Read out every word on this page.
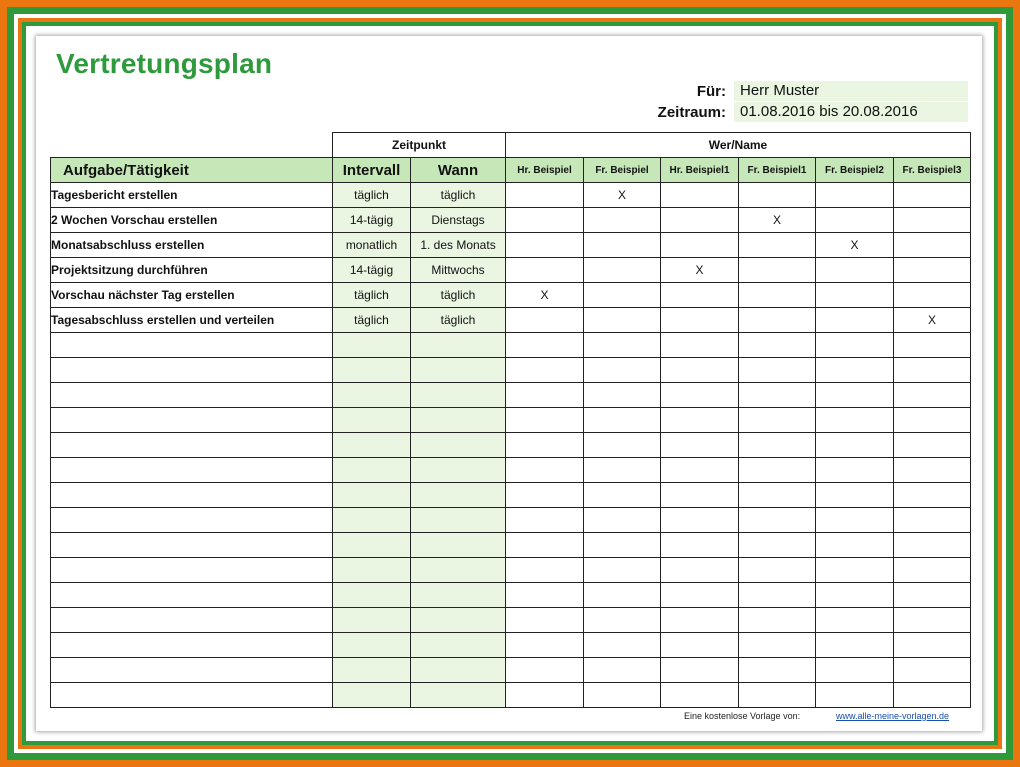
Vertretungsplan
Für: Herr Muster
Zeitraum: 01.08.2016 bis 20.08.2016
	Zeitpunkt		Wer/Name					
Aufgabe/Tätigkeit	Intervall	Wann	Hr. Beispiel	Fr. Beispiel	Hr. Beispiel1	Fr. Beispiel1	Fr. Beispiel2	Fr. Beispiel3
Tagesbericht erstellen	täglich	täglich		X				
2 Wochen Vorschau erstellen	14-tägig	Dienstags				X		
Monatsabschluss erstellen	monatlich	1. des Monats					X	
Projektsitzung durchführen	14-tägig	Mittwochs			X			
Vorschau nächster Tag erstellen	täglich	täglich	X					
Tagesabschluss erstellen und verteilen	täglich	täglich						X

Eine kostenlose Vorlage von:	www.alle-meine-vorlagen.de
